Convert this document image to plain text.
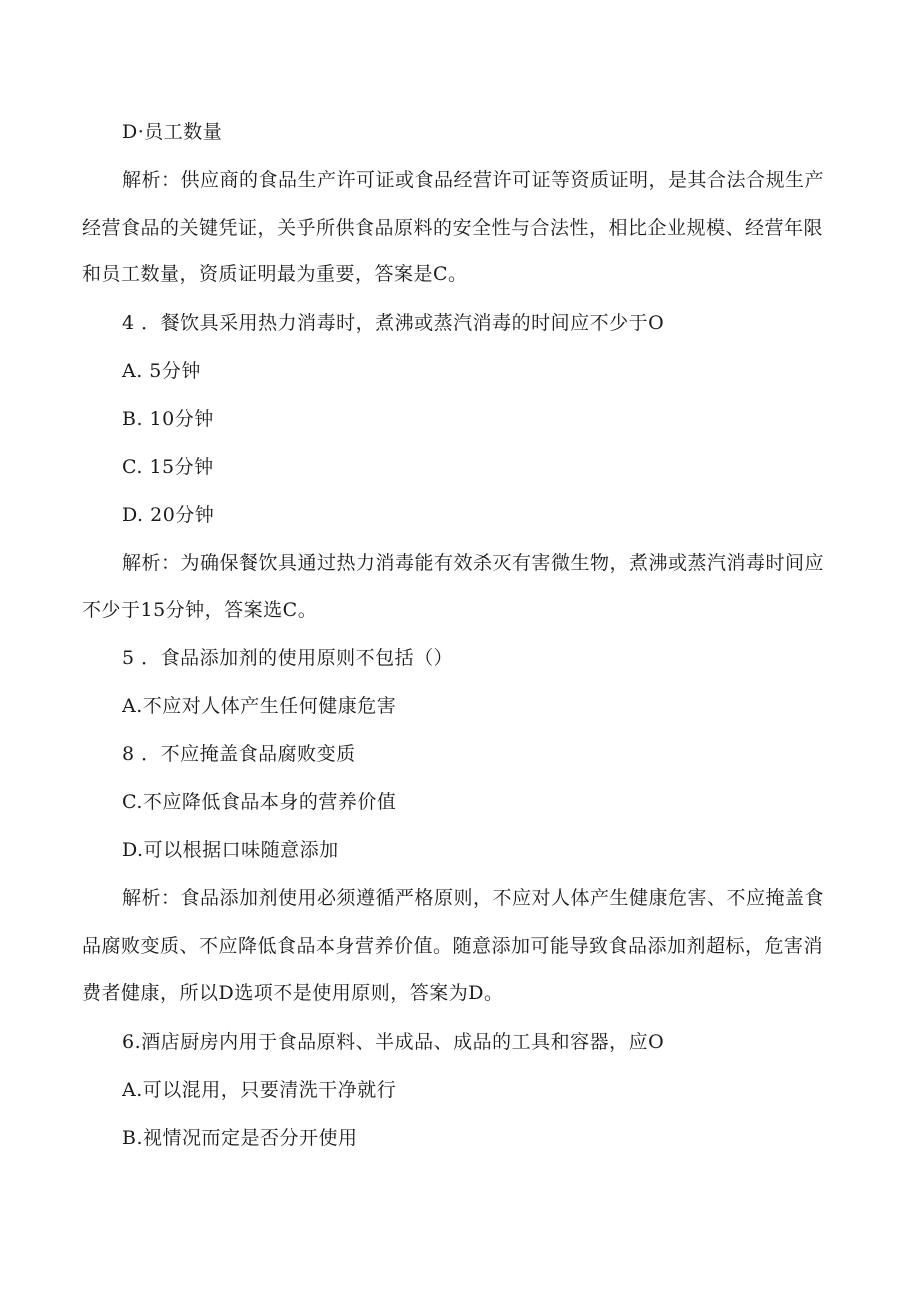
D·员工数量
解析：供应商的食品生产许可证或食品经营许可证等资质证明，是其合法合规生产
经营食品的关键凭证，关乎所供食品原料的安全性与合法性，相比企业规模、经营年限
和员工数量，资质证明最为重要，答案是C。
4 ．餐饮具采用热力消毒时，煮沸或蒸汽消毒的时间应不少于O
A. 5分钟
B. 10分钟
C. 15分钟
D. 20分钟
解析：为确保餐饮具通过热力消毒能有效杀灭有害微生物，煮沸或蒸汽消毒时间应
不少于15分钟，答案选C。
5 ．食品添加剂的使用原则不包括（）
A.不应对人体产生任何健康危害
8 ．不应掩盖食品腐败变质
C.不应降低食品本身的营养价值
D.可以根据口味随意添加
解析：食品添加剂使用必须遵循严格原则，不应对人体产生健康危害、不应掩盖食
品腐败变质、不应降低食品本身营养价值。随意添加可能导致食品添加剂超标，危害消
费者健康，所以D选项不是使用原则，答案为D。
6.酒店厨房内用于食品原料、半成品、成品的工具和容器，应O
A.可以混用，只要清洗干净就行
B.视情况而定是否分开使用
